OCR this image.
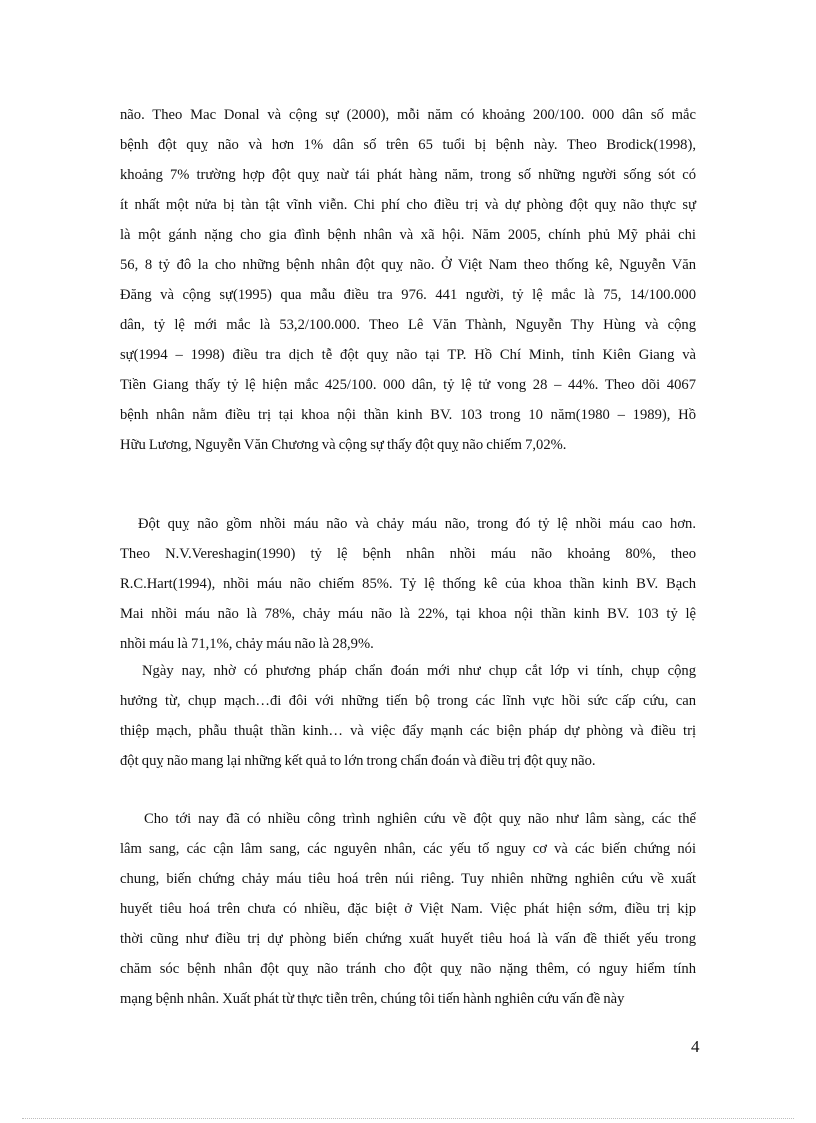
não. Theo Mac Donal và cộng sự (2000), mỗi năm có khoảng 200/100. 000 dân số mắc
bệnh đột quỵ não và hơn 1% dân số trên 65 tuổi bị bệnh này. Theo Brodick(1998),
khoảng 7% trường hợp đột quỵ naừ tái phát hàng năm, trong số những người sống sót có
ít nhất một nửa bị tàn tật vĩnh viễn. Chi phí cho điều trị và dự phòng đột quỵ não thực sự
là một gánh nặng cho gia đình bệnh nhân và xã hội. Năm 2005, chính phủ Mỹ phải chi
56, 8 tỷ đô la cho những bệnh nhân đột quỵ não. Ở Việt Nam theo thống kê, Nguyễn Văn
Đăng và cộng sự(1995) qua mẫu điều tra 976. 441 người, tỷ lệ mắc là 75, 14/100.000
dân, tỷ lệ mới mắc là 53,2/100.000. Theo Lê Văn Thành, Nguyễn Thy Hùng và cộng
sự(1994 – 1998) điều tra dịch tễ đột quỵ não tại TP. Hồ Chí Minh, tỉnh Kiên Giang và
Tiền Giang thấy tỷ lệ hiện mắc 425/100. 000 dân, tỷ lệ tử vong 28 – 44%. Theo dõi 4067
bệnh nhân nằm điều trị tại khoa nội thần kinh BV. 103 trong 10 năm(1980 – 1989), Hồ
Hữu Lương, Nguyễn Văn Chương và cộng sự thấy đột quỵ não chiếm 7,02%.
Đột quỵ não gồm nhồi máu não và chảy máu não, trong đó tỷ lệ nhồi máu cao hơn.
Theo N.V.Vereshagin(1990) tỷ lệ bệnh nhân nhồi máu não khoảng 80%, theo
R.C.Hart(1994), nhồi máu não chiếm 85%. Tỷ lệ thống kê của khoa thần kinh BV. Bạch
Mai nhồi máu não là 78%, chảy máu não là 22%, tại khoa nội thần kinh BV. 103 tỷ lệ
nhồi máu là 71,1%, chảy máu não là 28,9%.
Ngày nay, nhờ có phương pháp chẩn đoán mới như chụp cắt lớp vi tính, chụp cộng
hưởng từ, chụp mạch…đi đôi với những tiến bộ trong các lĩnh vực hồi sức cấp cứu, can
thiệp mạch, phẫu thuật thần kinh… và việc đẩy mạnh các biện pháp dự phòng và điều trị
đột quỵ não mang lại những kết quả to lớn trong chẩn đoán và điều trị đột quỵ não.
Cho tới nay đã có nhiều công trình nghiên cứu về đột quỵ não như lâm sàng, các thể
lâm sang, các cận lâm sang, các nguyên nhân, các yếu tố nguy cơ và các biến chứng nói
chung, biến chứng chảy máu tiêu hoá trên núi riêng. Tuy nhiên những nghiên cứu về xuất
huyết tiêu hoá trên chưa có nhiều, đặc biệt ở Việt Nam. Việc phát hiện sớm, điều trị kịp
thời cũng như điều trị dự phòng biến chứng xuất huyết tiêu hoá là vấn đề thiết yếu trong
chăm sóc bệnh nhân đột quỵ não tránh cho đột quỵ não nặng thêm, có nguy hiểm tính
mạng bệnh nhân. Xuất phát từ thực tiễn trên, chúng tôi tiến hành nghiên cứu vấn đề này
4
